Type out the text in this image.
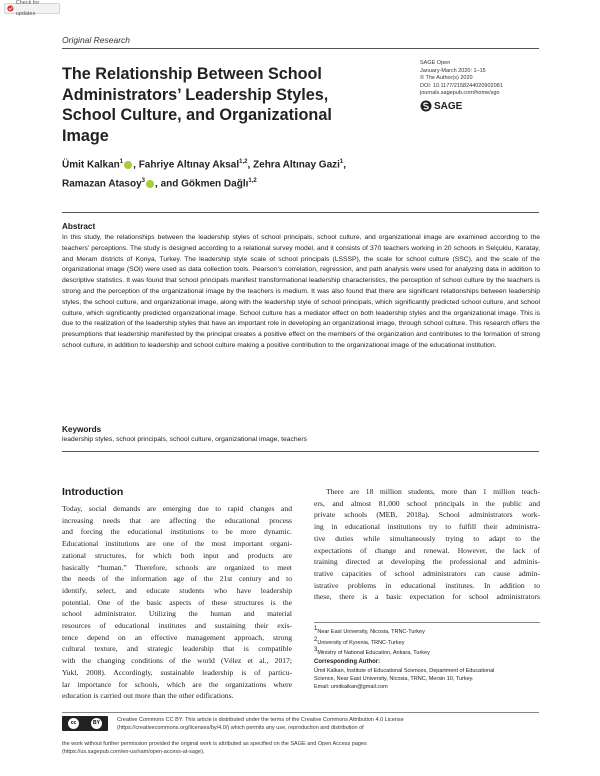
Check for updates
Original Research
The Relationship Between School Administrators’ Leadership Styles, School Culture, and Organizational Image
SAGE Open
January-March 2020: 1–15
© The Author(s) 2020
DOI: 10.1177/2158244020902081
journals.sagepub.com/home/sgo
SAGE
Ümit Kalkan$^1$ , Fahriye Altınay Aksal$^{1,2}$, Zehra Altınay Gazi$^1$,
Ramazan Atasoy$^3$ , and Gökmen Dağlı$^{1,2}$
Abstract
In this study, the relationships between the leadership styles of school principals, school culture, and organizational image are examined according to the teachers’ perceptions. The study is designed according to a relational survey model, and it consists of 370 teachers working in 20 schools in Selçuklu, Karatay, and Meram districts of Konya, Turkey. The leadership style scale of school principals (LSSSP), the scale for school culture (SSC), and the scale of the organizational image (SOI) were used as data collection tools. Pearson’s correlation, regression, and path analysis were used for analyzing data in addition to descriptive statistics. It was found that school principals manifest transformational leadership characteristics, the perception of school culture by the teachers is strong and the perception of the organizational image by the teachers is medium. It was also found that there are significant relationships between leadership styles, the school culture, and organizational image, along with the leadership style of school principals, which significantly predicted school culture, and school culture, which significantly predicted organizational image. School culture has a mediator effect on both leadership styles and the organizational image. This is due to the realization of the leadership styles that have an important role in developing an organizational image, through school culture. This research offers the presumptions that leadership manifested by the principal creates a positive effect on the members of the organization and contributes to the formation of strong school culture, in addition to leadership and school culture making a positive contribution to the organizational image of the educational institution.
Keywords
leadership styles, school principals, school culture, organizational image, teachers
Introduction
Today, social demands are emerging due to rapid changes and
increasing needs that are affecting the educational process
and forcing the educational institutions to be more dynamic.
Educational institutions are one of the most important organi-
zational structures, for which both input and products are
basically “human.” Therefore, schools are organized to meet
the needs of the information age of the 21st century and to
identify, select, and educate students who have leadership
potential. One of the basic aspects of these structures is the
school administrator. Utilizing the human and material
resources of educational institutes and sustaining their exis-
tence depend on an effective management approach, strong
cultural texture, and strategic leadership that is compatible
with the changing conditions of the world (Vélez et al., 2017;
Yukl, 2008). Accordingly, sustainable leadership is of particu-
lar importance for schools, which are the organizations where
education is carried out more than the other edifications.
There are 18 million students, more than 1 million teach-
ers, and almost 81,000 school principals in the public and
private schools (MEB, 2018a). School administrators work-
ing in educational institutions try to fulfill their administra-
tive duties while simultaneously trying to adapt to the
expectations of change and renewal. However, the lack of
training directed at developing the professional and adminis-
trative capacities of school administrators can cause admin-
istrative problems in educational institutes. In addition to
these, there is a basic expectation for school administrators
$^1$Near East University, Nicosia, TRNC-Turkey
$^2$University of Kyrenia, TRNC-Turkey
$^3$Ministry of National Education, Ankara, Turkey
Corresponding Author:
Ümit Kalkan, Institute of Educational Sciences, Department of Educational
Science, Near East University, Nicosia, TRNC, Mersin 10, Turkey.
Email: umitkalkan@gmail.com
cc	BY	Creative Commons CC BY: This article is distributed under the terms of the Creative Commons Attribution 4.0 License
(https://creativecommons.org/licenses/by/4.0/) which permits any use, reproduction and distribution of
the work without further permission provided the original work is attributed as specified on the SAGE and Open Access pages
(https://us.sagepub.com/en-us/nam/open-access-at-sage).
